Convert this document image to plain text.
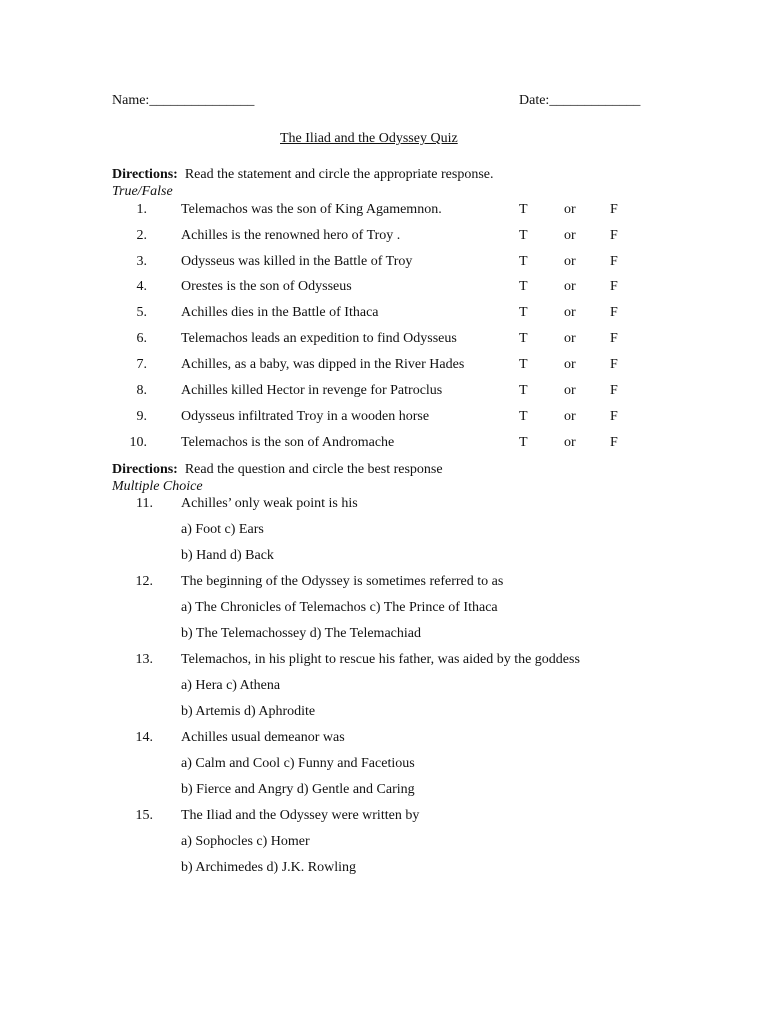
Name:_______________	Date:_____________
The Iliad and the Odyssey Quiz
Directions: Read the statement and circle the appropriate response.
True/False
1. Telemachos was the son of King Agamemnon.	T	or F
2. Achilles is the renowned hero of Troy .	T	or F
3. Odysseus was killed in the Battle of Troy	T	or F
4. Orestes is the son of Odysseus	T	or F
5. Achilles dies in the Battle of Ithaca	T	or F
6. Telemachos leads an expedition to find Odysseus	T	or F
7. Achilles, as a baby, was dipped in the River Hades	T	or F
8. Achilles killed Hector in revenge for Patroclus	T	or F
9. Odysseus infiltrated Troy in a wooden horse	T	or F
10. Telemachos is the son of Andromache	T	or F
Directions: Read the question and circle the best response
Multiple Choice
11. Achilles’ only weak point is his
a) Foot c) Ears
b) Hand d) Back
12. The beginning of the Odyssey is sometimes referred to as
a) The Chronicles of Telemachos c) The Prince of Ithaca
b) The Telemachossey d) The Telemachiad
13. Telemachos, in his plight to rescue his father, was aided by the goddess
a) Hera c) Athena
b) Artemis d) Aphrodite
14. Achilles usual demeanor was
a) Calm and Cool c) Funny and Facetious
b) Fierce and Angry d) Gentle and Caring
15. The Iliad and the Odyssey were written by
a) Sophocles c) Homer
b) Archimedes d) J.K. Rowling
